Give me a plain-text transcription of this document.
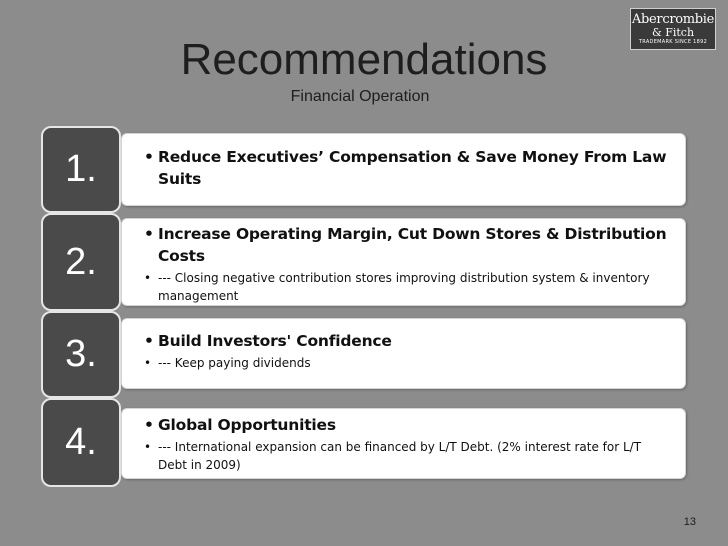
Abercrombie
& Fitch
TRADEMARK SINCE 1892
Recommendations
Financial Operation
1.	• Reduce Executives’ Compensation & Save Money From Law Suits
2.
• Increase Operating Margin, Cut Down Stores & Distribution Costs
• --- Closing negative contribution stores improving distribution system & inventory management
3.	• Build Investors' Confidence
• --- Keep paying dividends
4.	• Global Opportunities
• --- International expansion can be financed by L/T Debt. (2% interest rate for L/T Debt in 2009)
13
